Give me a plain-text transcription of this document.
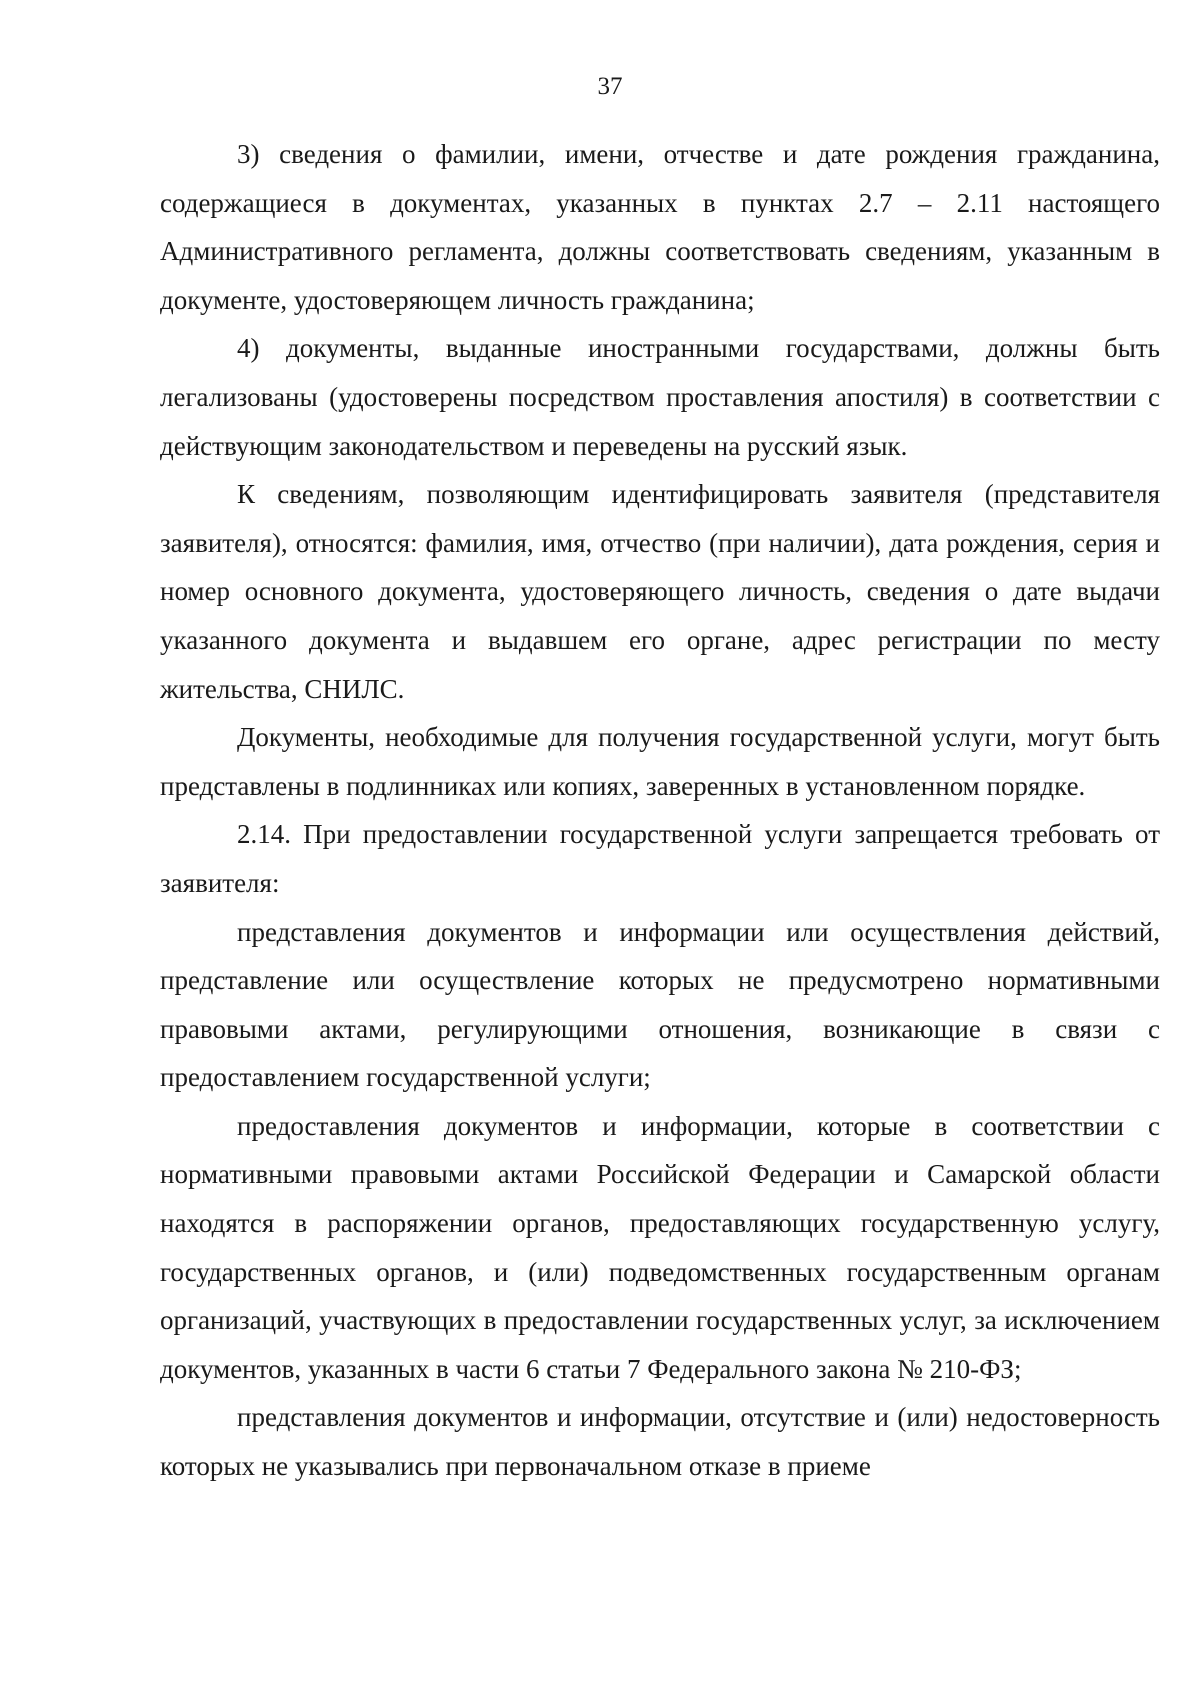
37

3) сведения о фамилии, имени, отчестве и дате рождения гражданина, содержащиеся в документах, указанных в пунктах 2.7 – 2.11 настоящего Административного регламента, должны соответствовать сведениям, указанным в документе, удостоверяющем личность гражданина;

4) документы, выданные иностранными государствами, должны быть легализованы (удостоверены посредством проставления апостиля) в соответствии с действующим законодательством и переведены на русский язык.

К сведениям, позволяющим идентифицировать заявителя (представителя заявителя), относятся: фамилия, имя, отчество (при наличии), дата рождения, серия и номер основного документа, удостоверяющего личность, сведения о дате выдачи указанного документа и выдавшем его органе, адрес регистрации по месту жительства, СНИЛС.

Документы, необходимые для получения государственной услуги, могут быть представлены в подлинниках или копиях, заверенных в установленном порядке.

2.14. При предоставлении государственной услуги запрещается требовать от заявителя:

представления документов и информации или осуществления действий, представление или осуществление которых не предусмотрено нормативными правовыми актами, регулирующими отношения, возникающие в связи с предоставлением государственной услуги;

предоставления документов и информации, которые в соответствии с нормативными правовыми актами Российской Федерации и Самарской области находятся в распоряжении органов, предоставляющих государственную услугу, государственных органов, и (или) подведомственных государственным органам организаций, участвующих в предоставлении государственных услуг, за исключением документов, указанных в части 6 статьи 7 Федерального закона № 210-ФЗ;

представления документов и информации, отсутствие и (или) недостоверность которых не указывались при первоначальном отказе в приеме
